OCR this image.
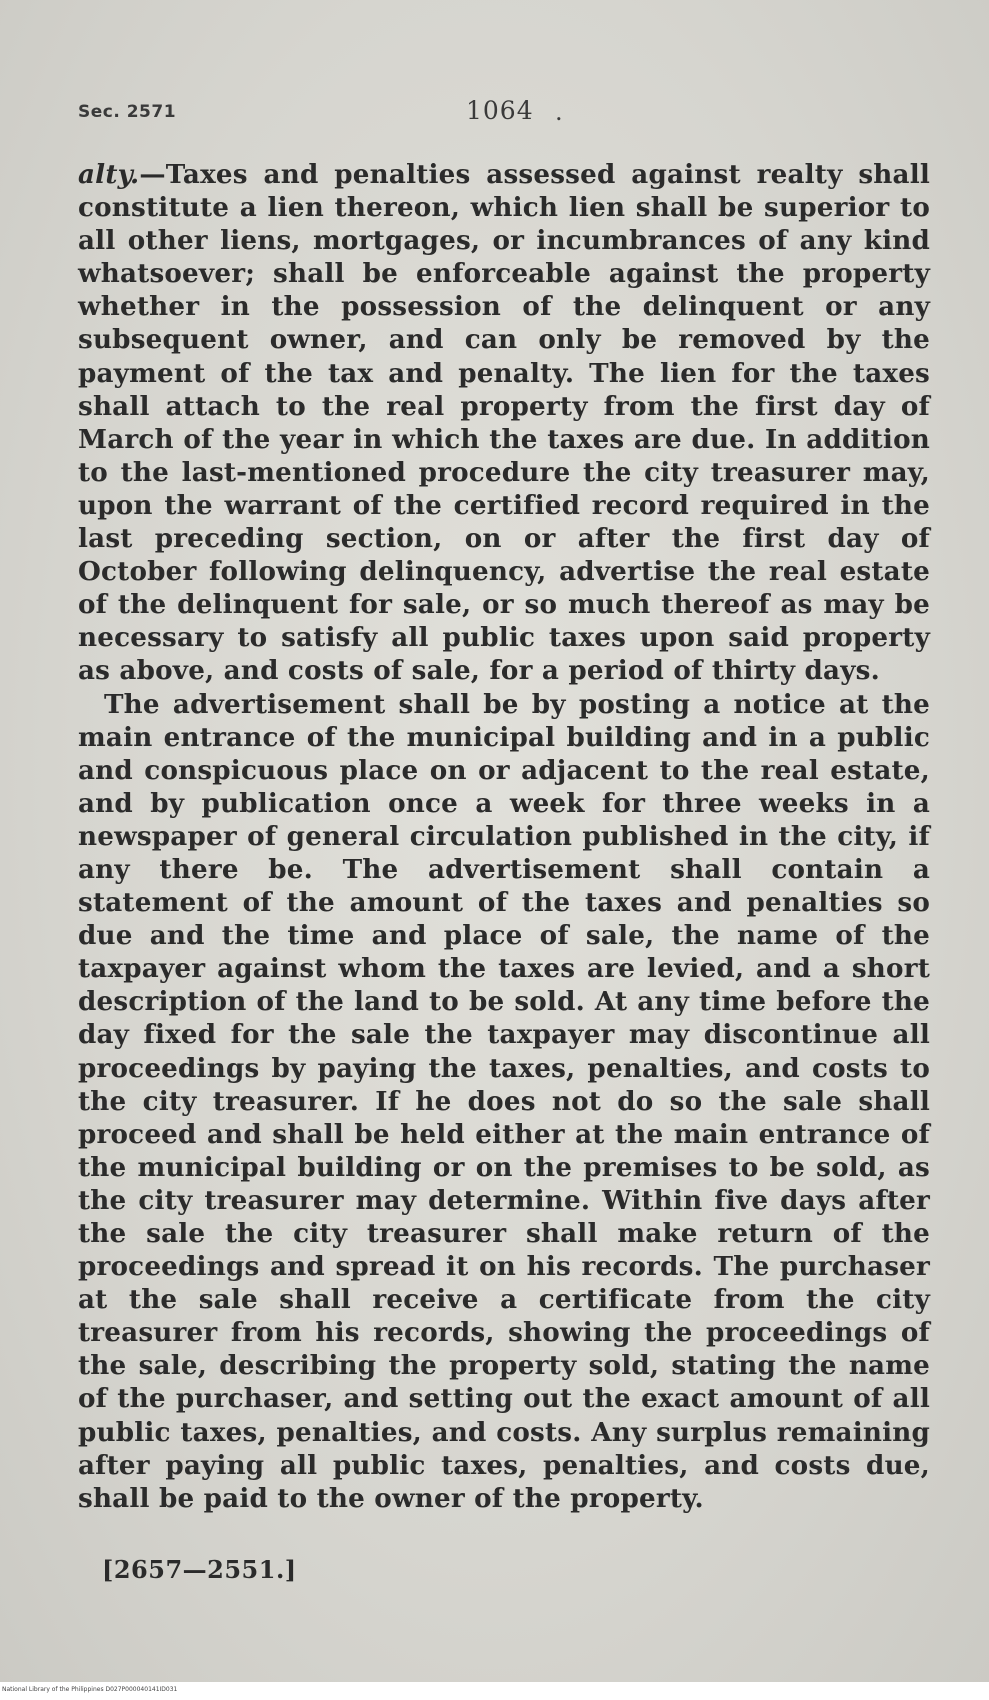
Sec. 2571	1064 .

alty.—Taxes and penalties assessed against realty shall constitute a lien thereon, which lien shall be superior to all other liens, mortgages, or incumbrances of any kind whatsoever; shall be enforceable against the property whether in the possession of the delinquent or any subsequent owner, and can only be removed by the payment of the tax and penalty. The lien for the taxes shall attach to the real property from the first day of March of the year in which the taxes are due. In addition to the last-mentioned procedure the city treasurer may, upon the warrant of the certified record required in the last preceding section, on or after the first day of October following delinquency, advertise the real estate of the delinquent for sale, or so much thereof as may be necessary to satisfy all public taxes upon said property as above, and costs of sale, for a period of thirty days.

The advertisement shall be by posting a notice at the main entrance of the municipal building and in a public and conspicuous place on or adjacent to the real estate, and by publication once a week for three weeks in a newspaper of general circulation published in the city, if any there be. The advertisement shall contain a statement of the amount of the taxes and penalties so due and the time and place of sale, the name of the taxpayer against whom the taxes are levied, and a short description of the land to be sold. At any time before the day fixed for the sale the taxpayer may discontinue all proceedings by paying the taxes, penalties, and costs to the city treasurer. If he does not do so the sale shall proceed and shall be held either at the main entrance of the municipal building or on the premises to be sold, as the city treasurer may determine. Within five days after the sale the city treasurer shall make return of the proceedings and spread it on his records. The purchaser at the sale shall receive a certificate from the city treasurer from his records, showing the proceedings of the sale, describing the property sold, stating the name of the purchaser, and setting out the exact amount of all public taxes, penalties, and costs. Any surplus remaining after paying all public taxes, penalties, and costs due, shall be paid to the owner of the property.

[2657—2551.]
National Library of the Philippines D027P000040141ID031
